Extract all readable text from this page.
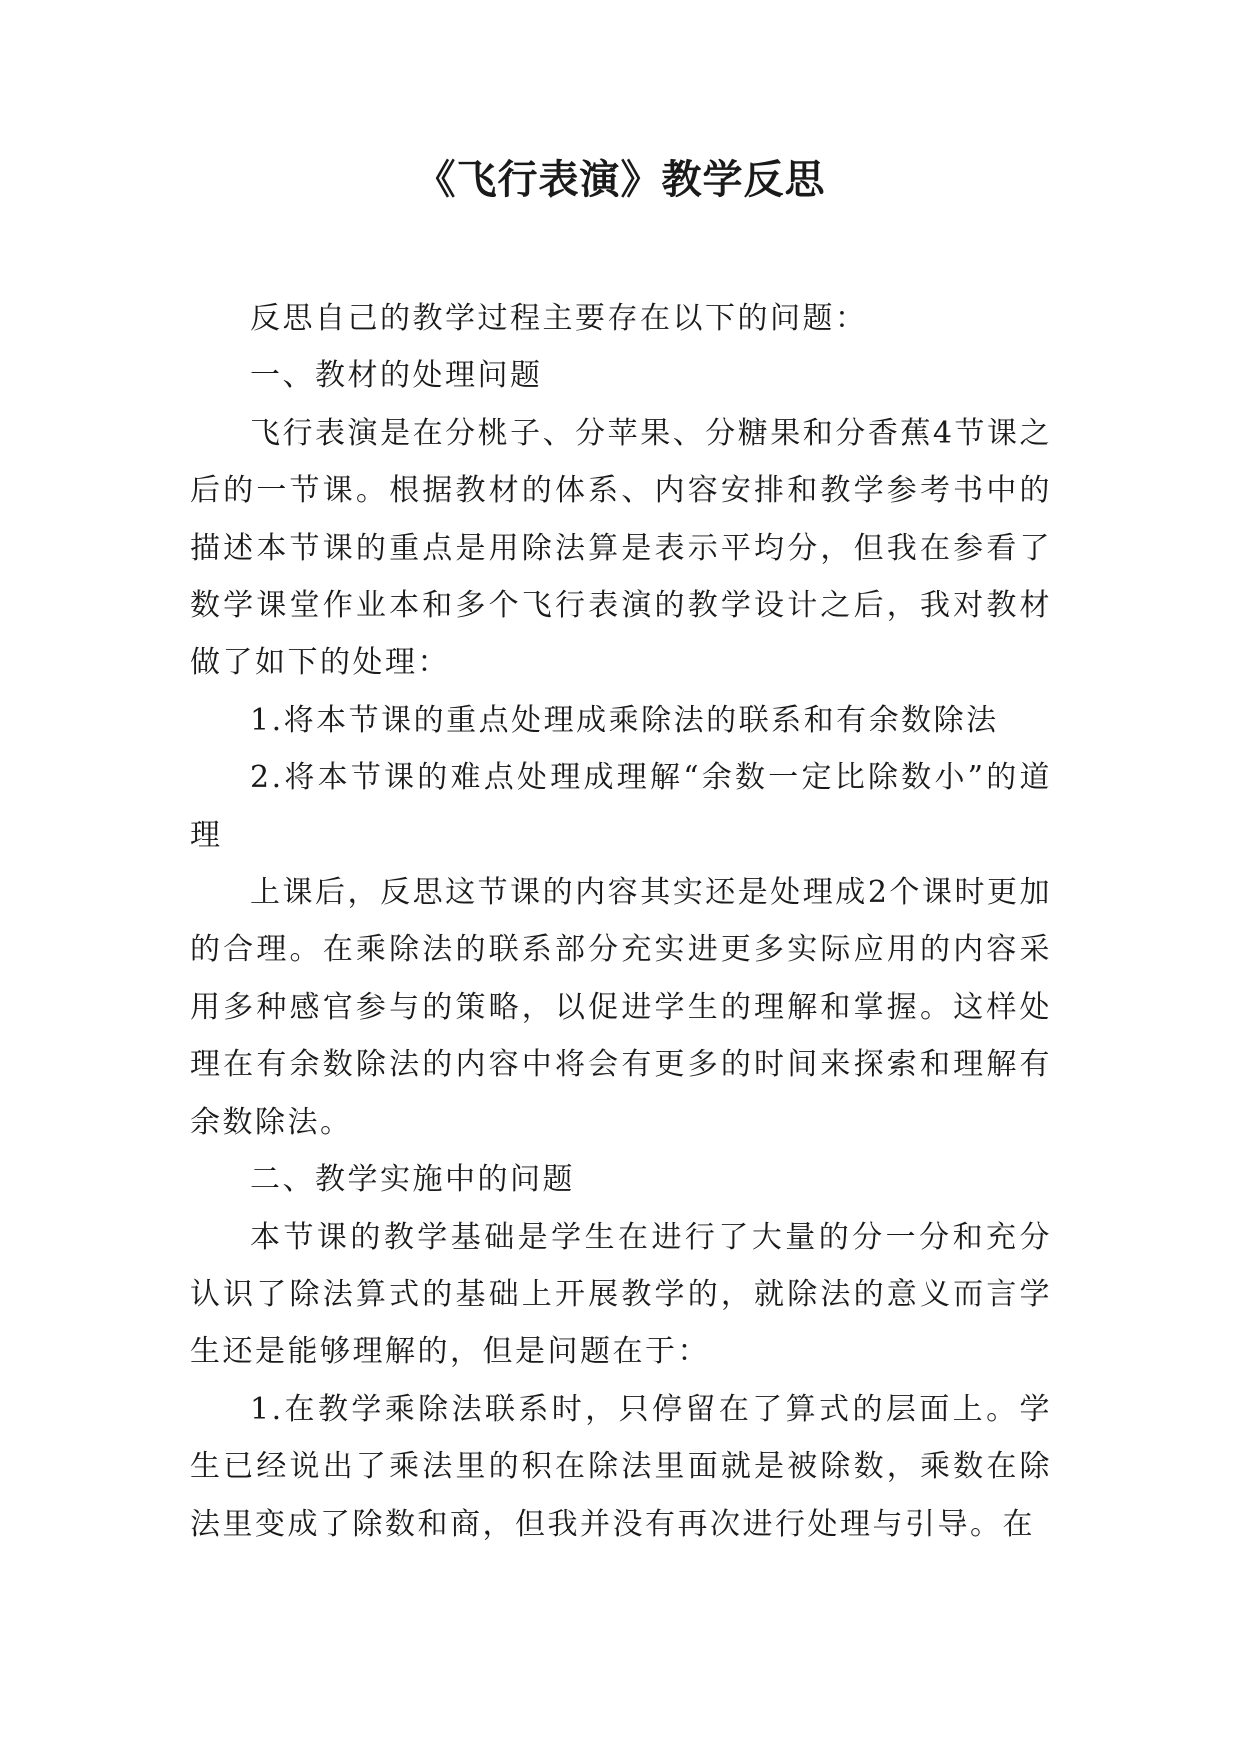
《飞行表演》教学反思

反思自己的教学过程主要存在以下的问题：

一、教材的处理问题

飞行表演是在分桃子、分苹果、分糖果和分香蕉4节课之后的一节课。根据教材的体系、内容安排和教学参考书中的描述本节课的重点是用除法算是表示平均分，但我在参看了数学课堂作业本和多个飞行表演的教学设计之后，我对教材做了如下的处理：

1.将本节课的重点处理成乘除法的联系和有余数除法

2.将本节课的难点处理成理解“余数一定比除数小”的道理

上课后，反思这节课的内容其实还是处理成2个课时更加的合理。在乘除法的联系部分充实进更多实际应用的内容采用多种感官参与的策略，以促进学生的理解和掌握。这样处理在有余数除法的内容中将会有更多的时间来探索和理解有余数除法。

二、教学实施中的问题

本节课的教学基础是学生在进行了大量的分一分和充分认识了除法算式的基础上开展教学的，就除法的意义而言学生还是能够理解的，但是问题在于：

1.在教学乘除法联系时，只停留在了算式的层面上。学生已经说出了乘法里的积在除法里面就是被除数，乘数在除法里变成了除数和商，但我并没有再次进行处理与引导。在
